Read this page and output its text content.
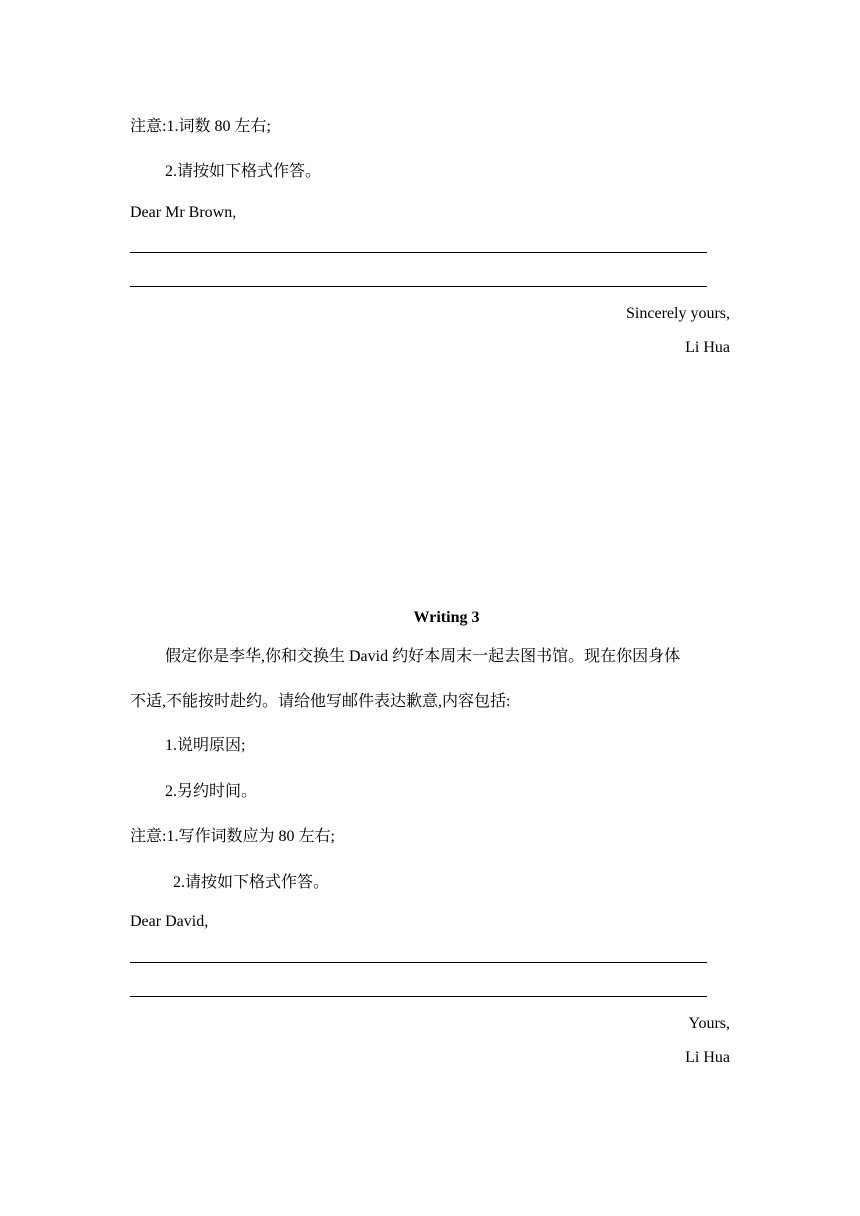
注意:1.词数 80 左右;
2.请按如下格式作答。
Dear Mr Brown,
Sincerely yours,
Li Hua
Writing 3
假定你是李华,你和交换生 David 约好本周末一起去图书馆。现在你因身体
不适,不能按时赴约。请给他写邮件表达歉意,内容包括:
1.说明原因;
2.另约时间。
注意:1.写作词数应为 80 左右;
2.请按如下格式作答。
Dear David,
Yours,
Li Hua
